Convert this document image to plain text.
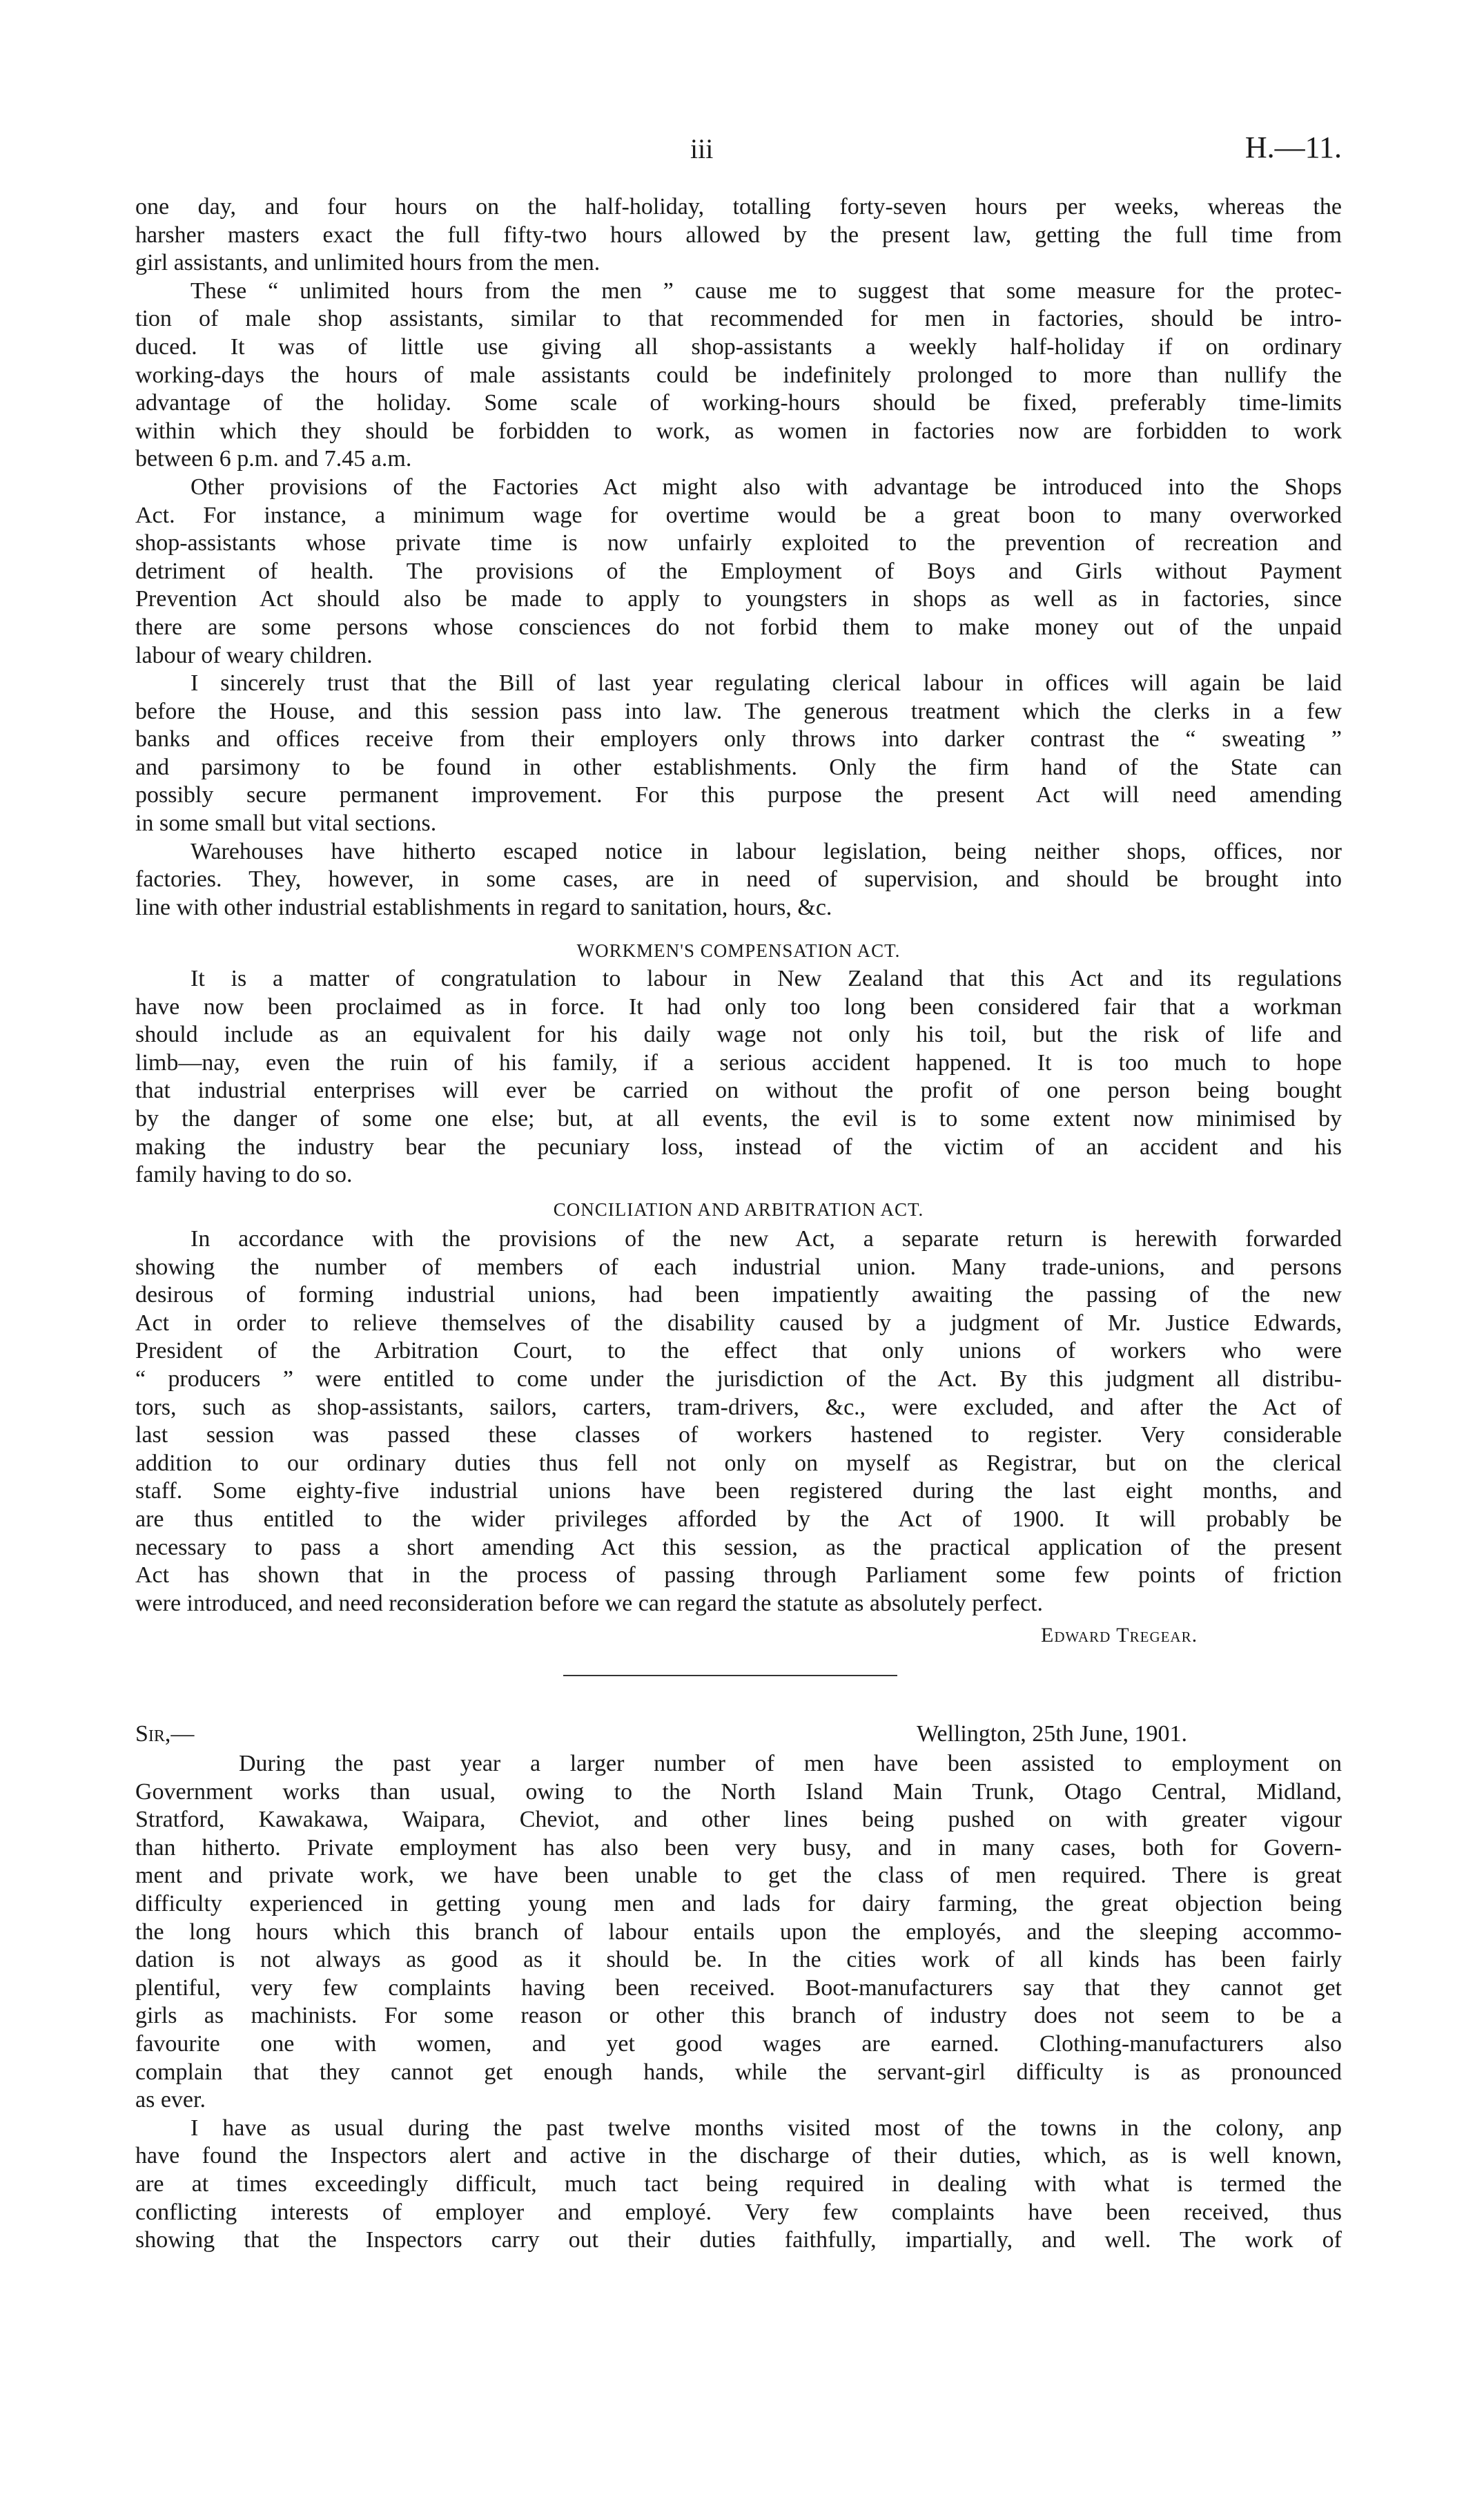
iii	H.—11.
one day, and four hours on the half-holiday, totalling forty-seven hours per weeks, whereas the
harsher masters exact the full fifty-two hours allowed by the present law, getting the full time from
girl assistants, and unlimited hours from the men.
These “ unlimited hours from the men ” cause me to suggest that some measure for the protec-
tion of male shop assistants, similar to that recommended for men in factories, should be intro-
duced. It was of little use giving all shop-assistants a weekly half-holiday if on ordinary
working-days the hours of male assistants could be indefinitely prolonged to more than nullify the
advantage of the holiday. Some scale of working-hours should be fixed, preferably time-limits
within which they should be forbidden to work, as women in factories now are forbidden to work
between 6 p.m. and 7.45 a.m.
Other provisions of the Factories Act might also with advantage be introduced into the Shops
Act. For instance, a minimum wage for overtime would be a great boon to many overworked
shop-assistants whose private time is now unfairly exploited to the prevention of recreation and
detriment of health. The provisions of the Employment of Boys and Girls without Payment
Prevention Act should also be made to apply to youngsters in shops as well as in factories, since
there are some persons whose consciences do not forbid them to make money out of the unpaid
labour of weary children.
I sincerely trust that the Bill of last year regulating clerical labour in offices will again be laid
before the House, and this session pass into law. The generous treatment which the clerks in a few
banks and offices receive from their employers only throws into darker contrast the “ sweating ”
and parsimony to be found in other establishments. Only the firm hand of the State can
possibly secure permanent improvement. For this purpose the present Act will need amending
in some small but vital sections.
Warehouses have hitherto escaped notice in labour legislation, being neither shops, offices, nor
factories. They, however, in some cases, are in need of supervision, and should be brought into
line with other industrial establishments in regard to sanitation, hours, &c.
WORKMEN'S COMPENSATION ACT.
It is a matter of congratulation to labour in New Zealand that this Act and its regulations
have now been proclaimed as in force. It had only too long been considered fair that a workman
should include as an equivalent for his daily wage not only his toil, but the risk of life and
limb—nay, even the ruin of his family, if a serious accident happened. It is too much to hope
that industrial enterprises will ever be carried on without the profit of one person being bought
by the danger of some one else; but, at all events, the evil is to some extent now minimised by
making the industry bear the pecuniary loss, instead of the victim of an accident and his
family having to do so.
CONCILIATION AND ARBITRATION ACT.
In accordance with the provisions of the new Act, a separate return is herewith forwarded
showing the number of members of each industrial union. Many trade-unions, and persons
desirous of forming industrial unions, had been impatiently awaiting the passing of the new
Act in order to relieve themselves of the disability caused by a judgment of Mr. Justice Edwards,
President of the Arbitration Court, to the effect that only unions of workers who were
“ producers ” were entitled to come under the jurisdiction of the Act. By this judgment all distribu-
tors, such as shop-assistants, sailors, carters, tram-drivers, &c., were excluded, and after the Act of
last session was passed these classes of workers hastened to register. Very considerable
addition to our ordinary duties thus fell not only on myself as Registrar, but on the clerical
staff. Some eighty-five industrial unions have been registered during the last eight months, and
are thus entitled to the wider privileges afforded by the Act of 1900. It will probably be
necessary to pass a short amending Act this session, as the practical application of the present
Act has shown that in the process of passing through Parliament some few points of friction
were introduced, and need reconsideration before we can regard the statute as absolutely perfect.
Edward Tregear.
Sir,—	Wellington, 25th June, 1901.
During the past year a larger number of men have been assisted to employment on
Government works than usual, owing to the North Island Main Trunk, Otago Central, Midland,
Stratford, Kawakawa, Waipara, Cheviot, and other lines being pushed on with greater vigour
than hitherto. Private employment has also been very busy, and in many cases, both for Govern-
ment and private work, we have been unable to get the class of men required. There is great
difficulty experienced in getting young men and lads for dairy farming, the great objection being
the long hours which this branch of labour entails upon the employés, and the sleeping accommo-
dation is not always as good as it should be. In the cities work of all kinds has been fairly
plentiful, very few complaints having been received. Boot-manufacturers say that they cannot get
girls as machinists. For some reason or other this branch of industry does not seem to be a
favourite one with women, and yet good wages are earned. Clothing-manufacturers also
complain that they cannot get enough hands, while the servant-girl difficulty is as pronounced
as ever.
I have as usual during the past twelve months visited most of the towns in the colony, anp
have found the Inspectors alert and active in the discharge of their duties, which, as is well known,
are at times exceedingly difficult, much tact being required in dealing with what is termed the
conflicting interests of employer and employé. Very few complaints have been received, thus
showing that the Inspectors carry out their duties faithfully, impartially, and well. The work of
